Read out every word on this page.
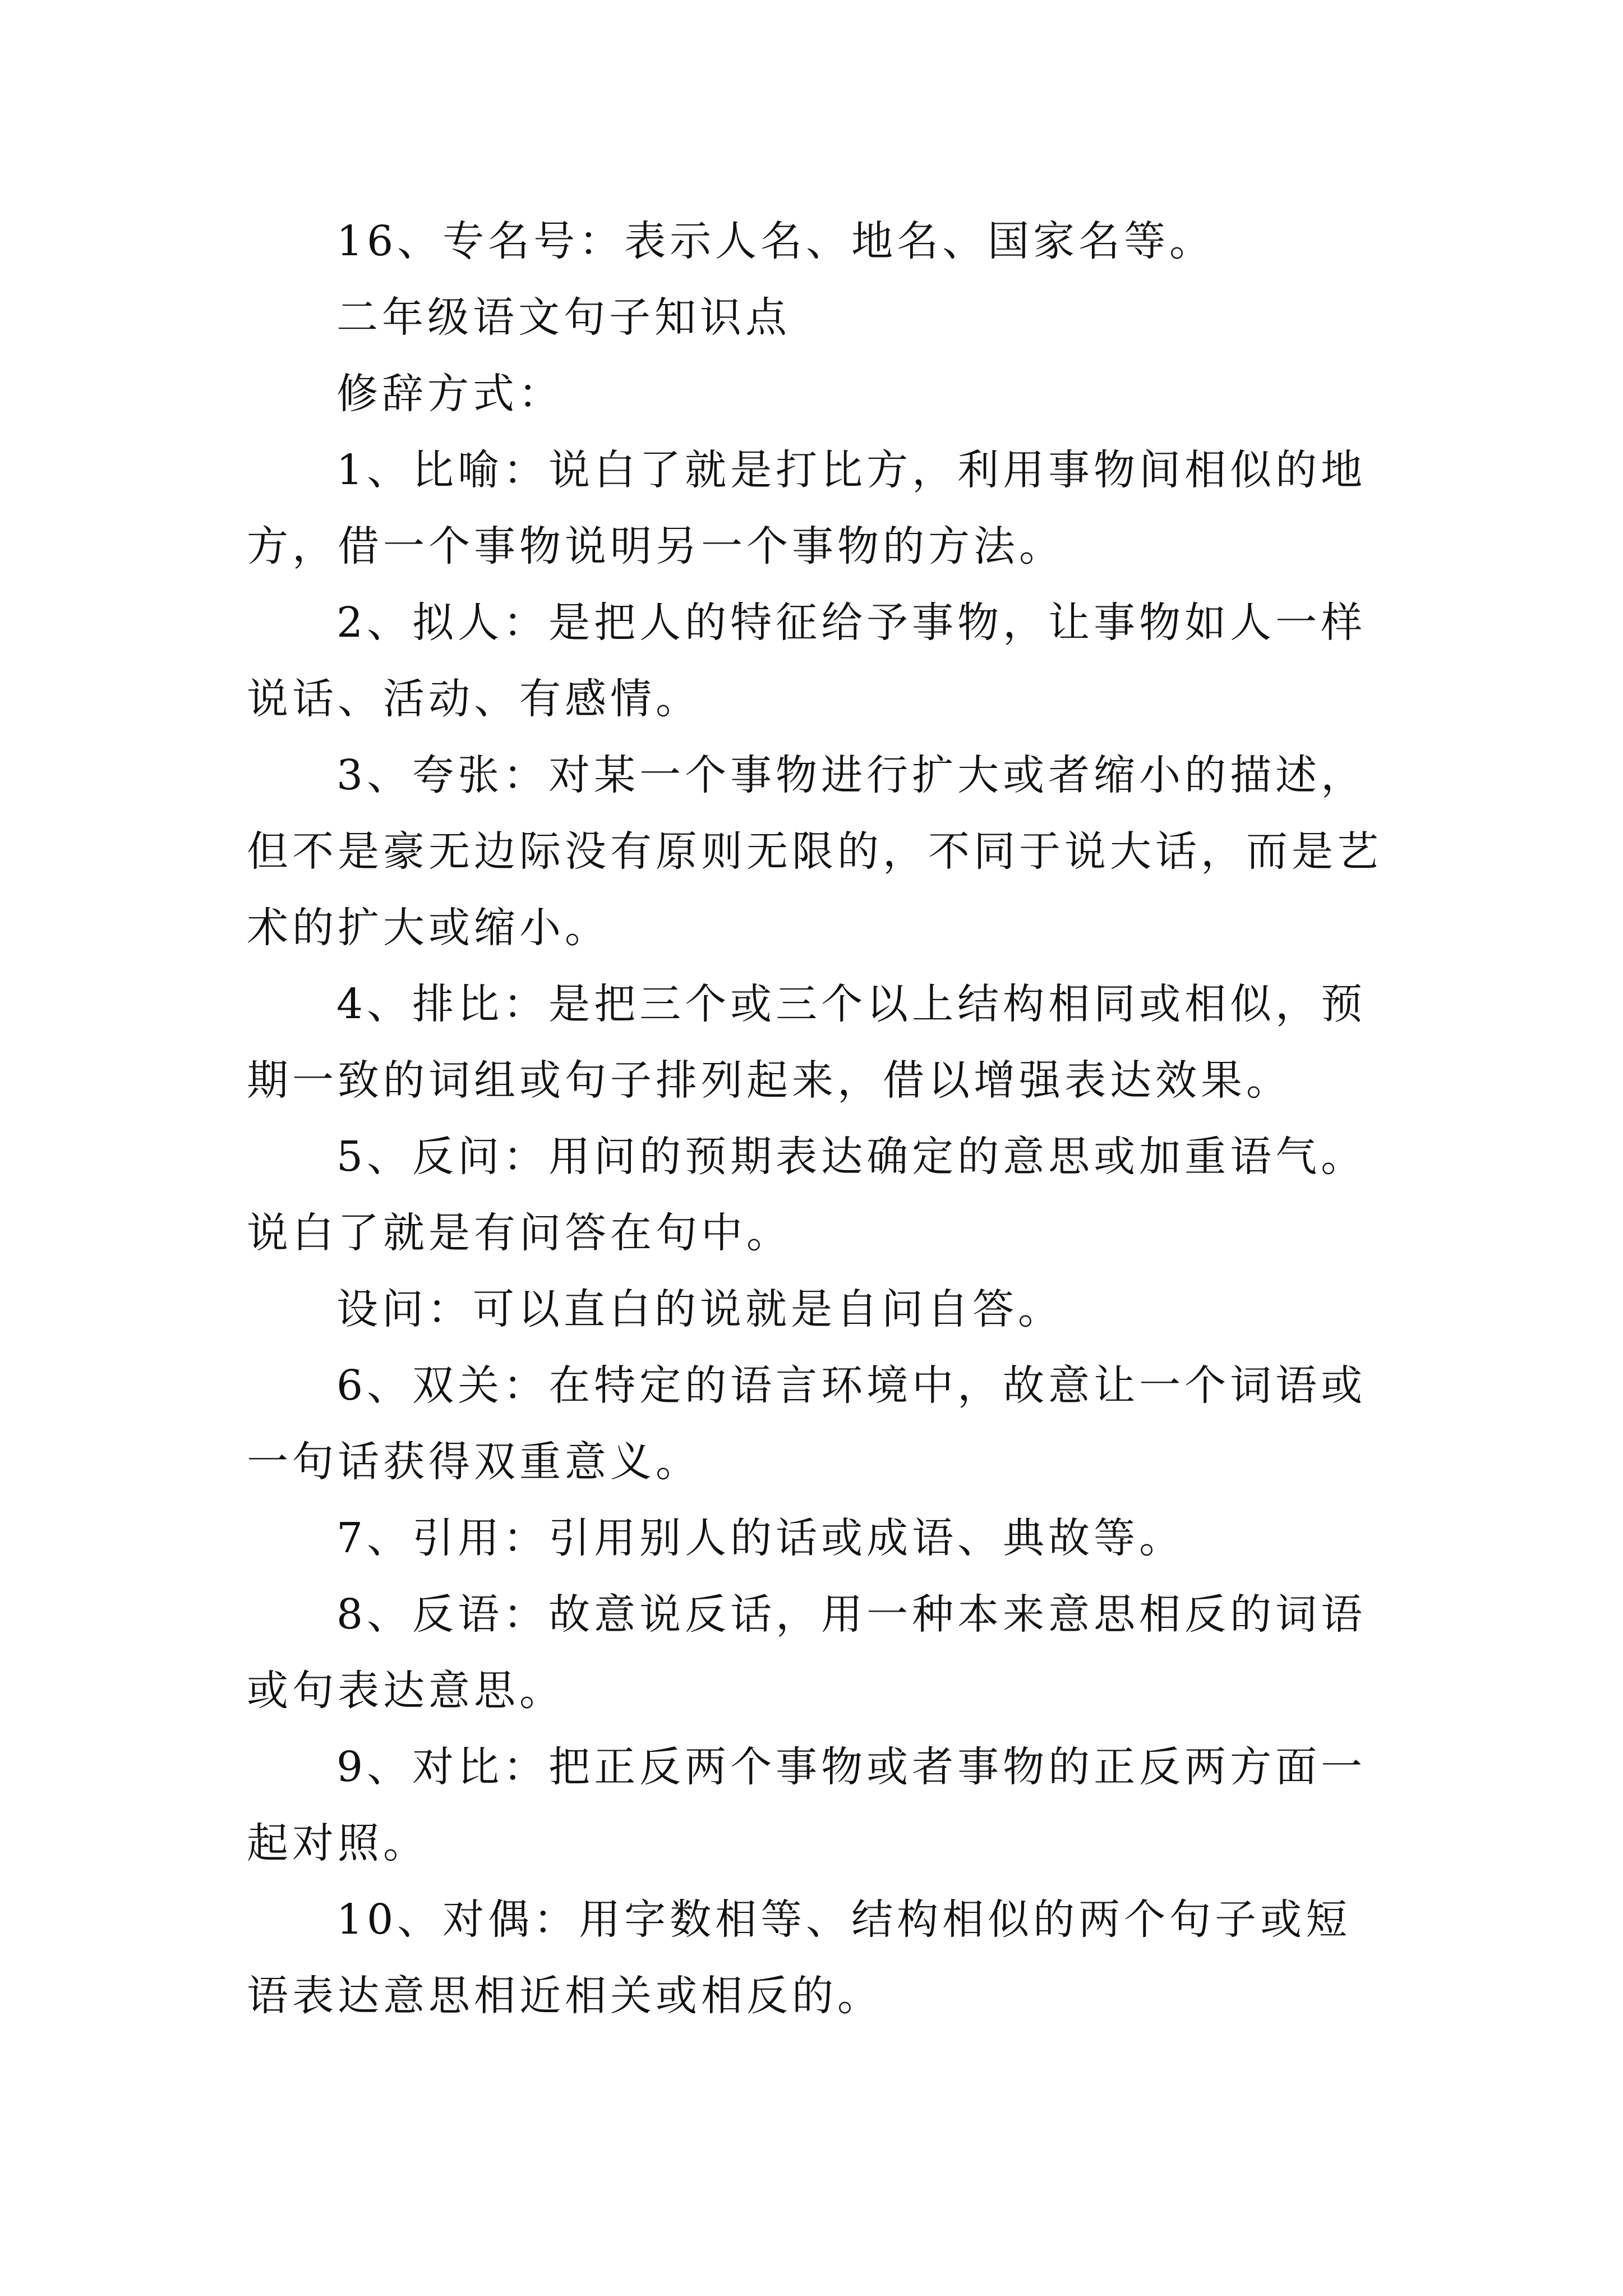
16、专名号：表示人名、地名、国家名等。

二年级语文句子知识点

修辞方式：

1、比喻：说白了就是打比方，利用事物间相似的地方，借一个事物说明另一个事物的方法。

2、拟人：是把人的特征给予事物，让事物如人一样说话、活动、有感情。

3、夸张：对某一个事物进行扩大或者缩小的描述，但不是豪无边际没有原则无限的，不同于说大话，而是艺术的扩大或缩小。

4、排比：是把三个或三个以上结构相同或相似，预期一致的词组或句子排列起来，借以增强表达效果。

5、反问：用问的预期表达确定的意思或加重语气。说白了就是有问答在句中。

设问：可以直白的说就是自问自答。

6、双关：在特定的语言环境中，故意让一个词语或一句话获得双重意义。

7、引用：引用别人的话或成语、典故等。

8、反语：故意说反话，用一种本来意思相反的词语或句表达意思。

9、对比：把正反两个事物或者事物的正反两方面一起对照。

10、对偶：用字数相等、结构相似的两个句子或短语表达意思相近相关或相反的。
